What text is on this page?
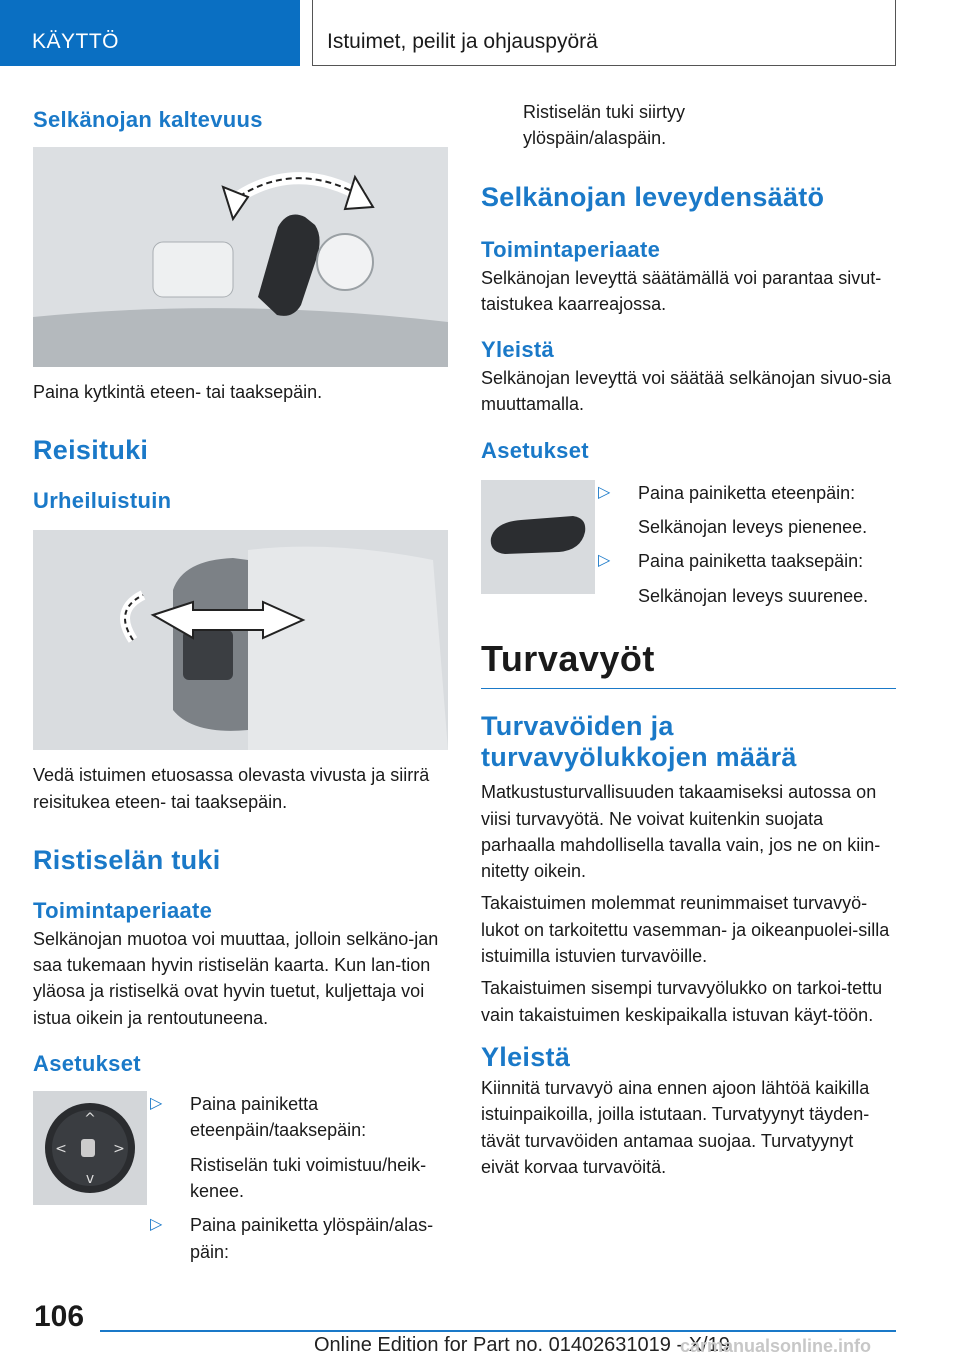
KÄYTTÖ	Istuimet, peilit ja ohjauspyörä
Selkänojan kaltevuus
Paina kytkintä eteen- tai taaksepäin.
Reisituki
Urheiluistuin
Vedä istuimen etuosassa olevasta vivusta ja siirrä reisitukea eteen- tai taaksepäin.
Ristiselän tuki
Toimintaperiaate
Selkänojan muotoa voi muuttaa, jolloin selkäno-jan saa tukemaan hyvin ristiselän kaarta. Kun lan-tion yläosa ja ristiselkä ovat hyvin tuetut, kuljettaja voi istua oikein ja rentoutuneena.
Asetukset
^
v
<	>
▷ Paina painiketta eteenpäin/taaksepäin:
Ristiselän tuki voimistuu/heik-kenee.
▷ Paina painiketta ylöspäin/alas-päin:
Ristiselän tuki siirtyy ylöspäin/alaspäin.
Selkänojan leveydensäätö
Toimintaperiaate
Selkänojan leveyttä säätämällä voi parantaa sivut-taistukea kaarreajossa.
Yleistä
Selkänojan leveyttä voi säätää selkänojan sivuo-sia muuttamalla.
Asetukset
▷ Paina painiketta eteenpäin:
Selkänojan leveys pienenee.
▷ Paina painiketta taaksepäin:
Selkänojan leveys suurenee.
Turvavyöt
Turvavöiden ja turvavyölukkojen määrä
Matkustusturvallisuuden takaamiseksi autossa on viisi turvavyötä. Ne voivat kuitenkin suojata parhaalla mahdollisella tavalla vain, jos ne on kiin-nitetty oikein.
Takaistuimen molemmat reunimmaiset turvavyö-lukot on tarkoitettu vasemman- ja oikeanpuolei-silla istuimilla istuvien turvavöille.
Takaistuimen sisempi turvavyölukko on tarkoi-tettu vain takaistuimen keskipaikalla istuvan käyt-töön.
Yleistä
Kiinnitä turvavyö aina ennen ajoon lähtöä kaikilla istuinpaikoilla, joilla istutaan. Turvatyynyt täyden-tävät turvavöiden antamaa suojaa. Turvatyynyt eivät korvaa turvavöitä.
106
Online Edition for Part no. 01402631019 - X/19
carmanualsonline.info
